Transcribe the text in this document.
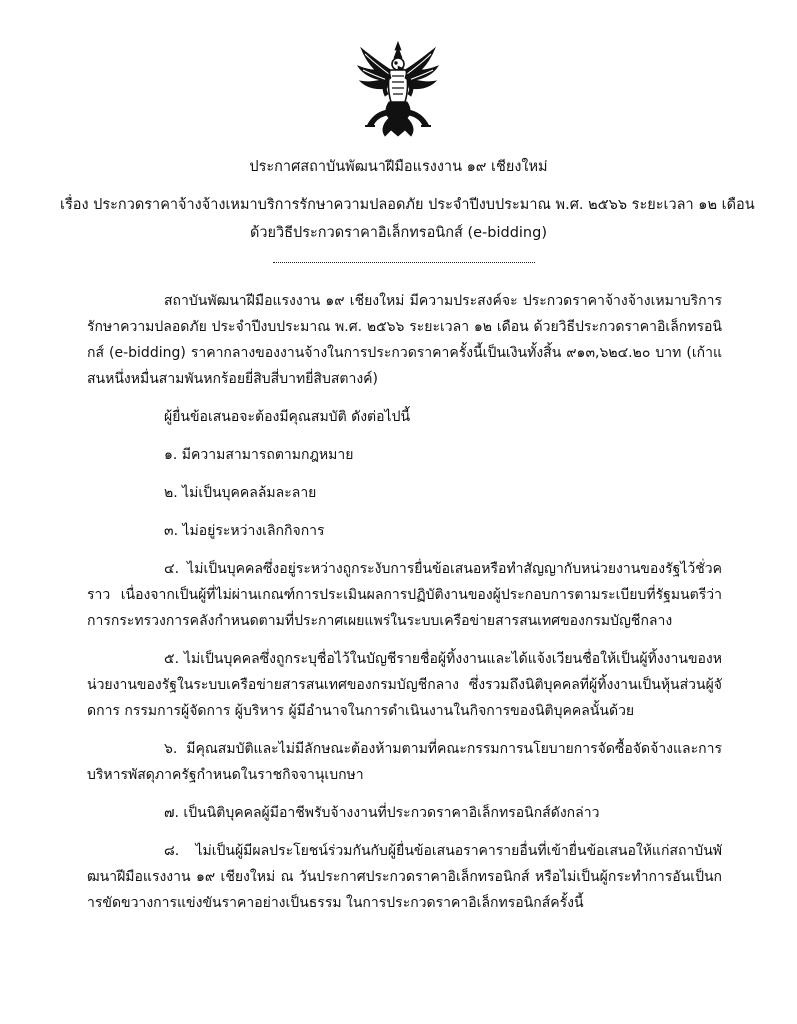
ประกาศสถาบันพัฒนาฝีมือแรงงาน ๑๙ เชียงใหม่
เรื่อง ประกวดราคาจ้างจ้างเหมาบริการรักษาความปลอดภัย ประจำปีงบประมาณ พ.ศ. ๒๕๖๖ ระยะเวลา ๑๒ เดือน
ด้วยวิธีประกวดราคาอิเล็กทรอนิกส์ (e-bidding)

สถาบันพัฒนาฝีมือแรงงาน ๑๙ เชียงใหม่ มีความประสงค์จะ ประกวดราคาจ้างจ้างเหมาบริการรักษาความปลอดภัย ประจำปีงบประมาณ พ.ศ. ๒๕๖๖ ระยะเวลา ๑๒ เดือน ด้วยวิธีประกวดราคาอิเล็กทรอนิกส์ (e-bidding) ราคากลางของงานจ้างในการประกวดราคาครั้งนี้เป็นเงินทั้งสิ้น ๙๑๓,๖๒๔.๒๐ บาท (เก้าแสนหนึ่งหมื่นสามพันหกร้อยยี่สิบสี่บาทยี่สิบสตางค์)

ผู้ยื่นข้อเสนอจะต้องมีคุณสมบัติ ดังต่อไปนี้

๑. มีความสามารถตามกฎหมาย

๒. ไม่เป็นบุคคลล้มละลาย

๓. ไม่อยู่ระหว่างเลิกกิจการ

๔. ไม่เป็นบุคคลซึ่งอยู่ระหว่างถูกระงับการยื่นข้อเสนอหรือทำสัญญากับหน่วยงานของรัฐไว้ชั่วคราว เนื่องจากเป็นผู้ที่ไม่ผ่านเกณฑ์การประเมินผลการปฏิบัติงานของผู้ประกอบการตามระเบียบที่รัฐมนตรีว่าการกระทรวงการคลังกำหนดตามที่ประกาศเผยแพร่ในระบบเครือข่ายสารสนเทศของกรมบัญชีกลาง

๕. ไม่เป็นบุคคลซึ่งถูกระบุชื่อไว้ในบัญชีรายชื่อผู้ทิ้งงานและได้แจ้งเวียนชื่อให้เป็นผู้ทิ้งงานของหน่วยงานของรัฐในระบบเครือข่ายสารสนเทศของกรมบัญชีกลาง ซึ่งรวมถึงนิติบุคคลที่ผู้ทิ้งงานเป็นหุ้นส่วนผู้จัดการ กรรมการผู้จัดการ ผู้บริหาร ผู้มีอำนาจในการดำเนินงานในกิจการของนิติบุคคลนั้นด้วย

๖. มีคุณสมบัติและไม่มีลักษณะต้องห้ามตามที่คณะกรรมการนโยบายการจัดซื้อจัดจ้างและการบริหารพัสดุภาครัฐกำหนดในราชกิจจานุเบกษา

๗. เป็นนิติบุคคลผู้มีอาชีพรับจ้างงานที่ประกวดราคาอิเล็กทรอนิกส์ดังกล่าว

๘. ไม่เป็นผู้มีผลประโยชน์ร่วมกันกับผู้ยื่นข้อเสนอราคารายอื่นที่เข้ายื่นข้อเสนอให้แก่สถาบันพัฒนาฝีมือแรงงาน ๑๙ เชียงใหม่ ณ วันประกาศประกวดราคาอิเล็กทรอนิกส์ หรือไม่เป็นผู้กระทำการอันเป็นการขัดขวางการแข่งขันราคาอย่างเป็นธรรม ในการประกวดราคาอิเล็กทรอนิกส์ครั้งนี้
